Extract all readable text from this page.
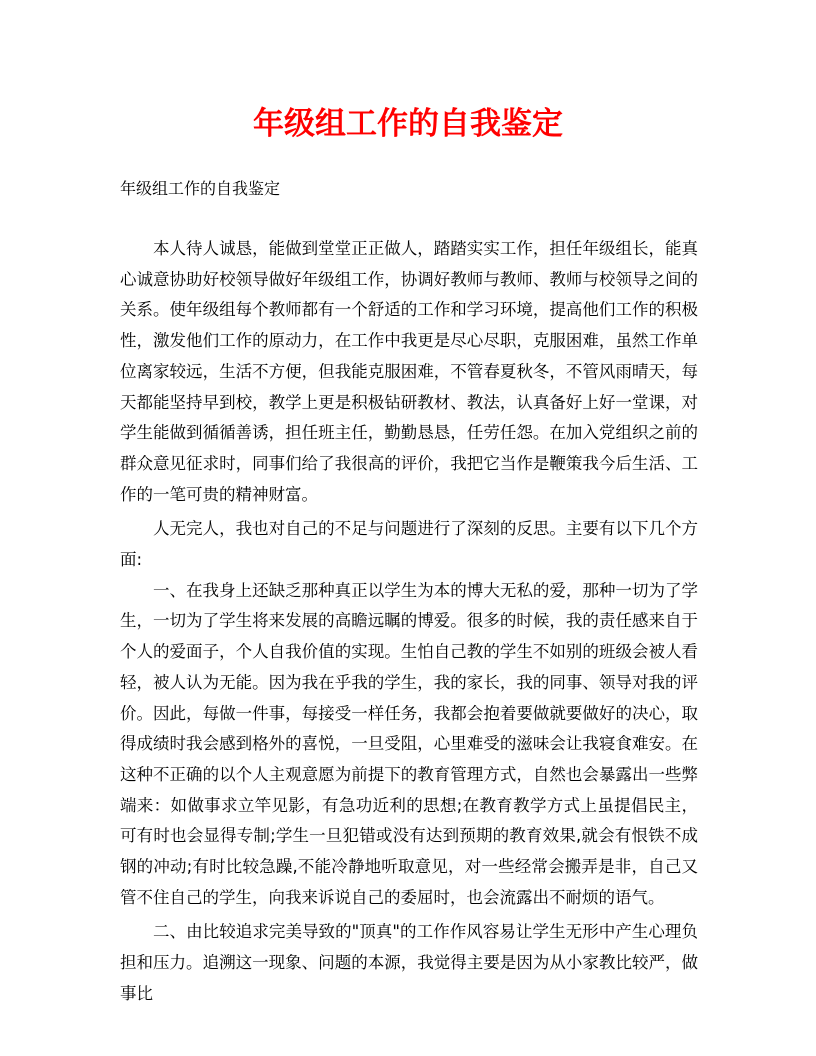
年级组工作的自我鉴定
年级组工作的自我鉴定

本人待人诚恳，能做到堂堂正正做人，踏踏实实工作，担任年级组长，能真心诚意协助好校领导做好年级组工作，协调好教师与教师、教师与校领导之间的关系。使年级组每个教师都有一个舒适的工作和学习环境，提高他们工作的积极性，激发他们工作的原动力，在工作中我更是尽心尽职，克服困难，虽然工作单位离家较远，生活不方便，但我能克服困难，不管春夏秋冬，不管风雨晴天，每天都能坚持早到校，教学上更是积极钻研教材、教法，认真备好上好一堂课，对学生能做到循循善诱，担任班主任，勤勤恳恳，任劳任怨。在加入党组织之前的群众意见征求时，同事们给了我很高的评价，我把它当作是鞭策我今后生活、工作的一笔可贵的精神财富。

人无完人，我也对自己的不足与问题进行了深刻的反思。主要有以下几个方面:

一、在我身上还缺乏那种真正以学生为本的博大无私的爱，那种一切为了学生，一切为了学生将来发展的高瞻远瞩的博爱。很多的时候，我的责任感来自于个人的爱面子，个人自我价值的实现。生怕自己教的学生不如别的班级会被人看轻，被人认为无能。因为我在乎我的学生，我的家长，我的同事、领导对我的评价。因此，每做一件事，每接受一样任务，我都会抱着要做就要做好的决心，取得成绩时我会感到格外的喜悦，一旦受阻，心里难受的滋味会让我寝食难安。在这种不正确的以个人主观意愿为前提下的教育管理方式，自然也会暴露出一些弊端来：如做事求立竿见影，有急功近利的思想;在教育教学方式上虽提倡民主，可有时也会显得专制;学生一旦犯错或没有达到预期的教育效果,就会有恨铁不成钢的冲动;有时比较急躁,不能冷静地听取意见，对一些经常会搬弄是非，自己又管不住自己的学生，向我来诉说自己的委屈时，也会流露出不耐烦的语气。

二、由比较追求完美导致的"顶真"的工作作风容易让学生无形中产生心理负担和压力。追溯这一现象、问题的本源，我觉得主要是因为从小家教比较严，做事比
